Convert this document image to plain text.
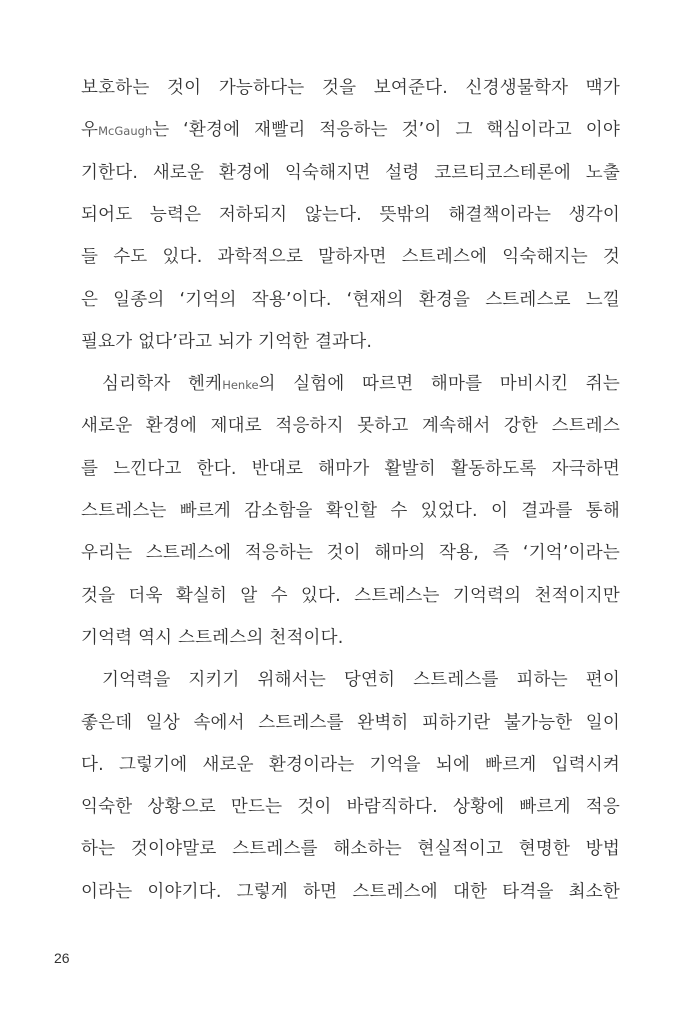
보호하는 것이 가능하다는 것을 보여준다. 신경생물학자 맥가
우McGaugh는 ‘환경에 재빨리 적응하는 것’이 그 핵심이라고 이야
기한다. 새로운 환경에 익숙해지면 설령 코르티코스테론에 노출
되어도 능력은 저하되지 않는다. 뜻밖의 해결책이라는 생각이
들 수도 있다. 과학적으로 말하자면 스트레스에 익숙해지는 것
은 일종의 ‘기억의 작용’이다. ‘현재의 환경을 스트레스로 느낄
필요가 없다’라고 뇌가 기억한 결과다.
심리학자 헨케Henke의 실험에 따르면 해마를 마비시킨 쥐는
새로운 환경에 제대로 적응하지 못하고 계속해서 강한 스트레스
를 느낀다고 한다. 반대로 해마가 활발히 활동하도록 자극하면
스트레스는 빠르게 감소함을 확인할 수 있었다. 이 결과를 통해
우리는 스트레스에 적응하는 것이 해마의 작용, 즉 ‘기억’이라는
것을 더욱 확실히 알 수 있다. 스트레스는 기억력의 천적이지만
기억력 역시 스트레스의 천적이다.
기억력을 지키기 위해서는 당연히 스트레스를 피하는 편이
좋은데 일상 속에서 스트레스를 완벽히 피하기란 불가능한 일이
다. 그렇기에 새로운 환경이라는 기억을 뇌에 빠르게 입력시켜
익숙한 상황으로 만드는 것이 바람직하다. 상황에 빠르게 적응
하는 것이야말로 스트레스를 해소하는 현실적이고 현명한 방법
이라는 이야기다. 그렇게 하면 스트레스에 대한 타격을 최소한
26
